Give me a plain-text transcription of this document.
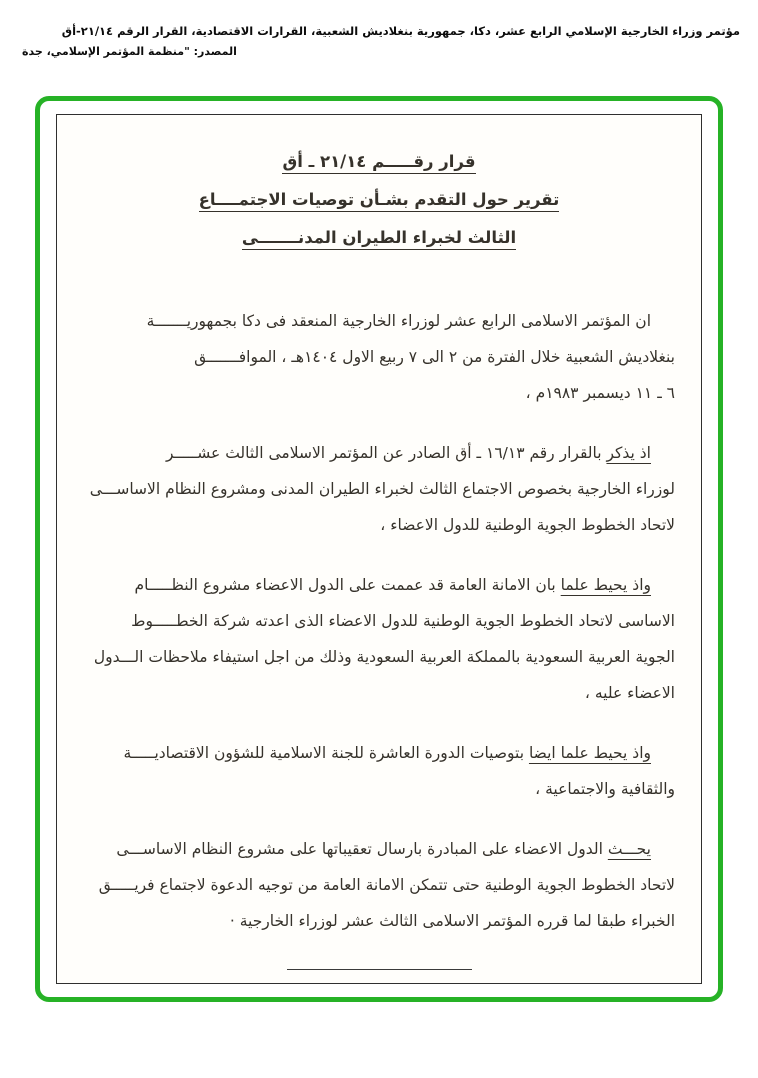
مؤتمر وزراء الخارجية الإسلامي الرابع عشر، دكا، جمهورية بنغلاديش الشعبية، القرارات الاقتصادية، القرار الرقم ٢١/١٤-أق
المصدر: "منظمة المؤتمر الإسلامي، جدة
قرار رقـــــم ٢١/١٤ ـ أق
تقرير حول التقدم بشـأن توصيات الاجتمــــاع
الثالث لخبراء الطيران المدنـــــــى
ان المؤتمر الاسلامى الرابع عشر لوزراء الخارجية المنعقد فى دكا بجمهوريـــــــة
بنغلاديش الشعبية خلال الفترة من ٢ الى ٧ ربيع الاول ١٤٠٤هـ ، الموافـــــــق
٦ ـ ١١ ديسمبر ١٩٨٣م ،
اذ يذكر بالقرار رقم ١٦/١٣ ـ أق الصادر عن المؤتمر الاسلامى الثالث عشـــــر
لوزراء الخارجية بخصوص الاجتماع الثالث لخبراء الطيران المدنى ومشروع النظام الاساســـى
لاتحاد الخطوط الجوية الوطنية للدول الاعضاء ،
واذ يحيط علما بان الامانة العامة قد عممت على الدول الاعضاء مشروع النظـــــام
الاساسى لاتحاد الخطوط الجوية الوطنية للدول الاعضاء الذى اعدته شركة الخطـــــوط
الجوية العربية السعودية بالمملكة العربية السعودية وذلك من اجل استيفاء ملاحظات الـــدول
الاعضاء عليه ،
واذ يحيط علما ايضا بتوصيات الدورة العاشرة للجنة الاسلامية للشؤون الاقتصاديـــــة
والثقافية والاجتماعية ،
يحـــث الدول الاعضاء على المبادرة بارسال تعقيباتها على مشروع النظام الاساســـى
لاتحاد الخطوط الجوية الوطنية حتى تتمكن الامانة العامة من توجيه الدعوة لاجتماع فريـــــق
الخبراء طبقا لما قرره المؤتمر الاسلامى الثالث عشر لوزراء الخارجية ·
